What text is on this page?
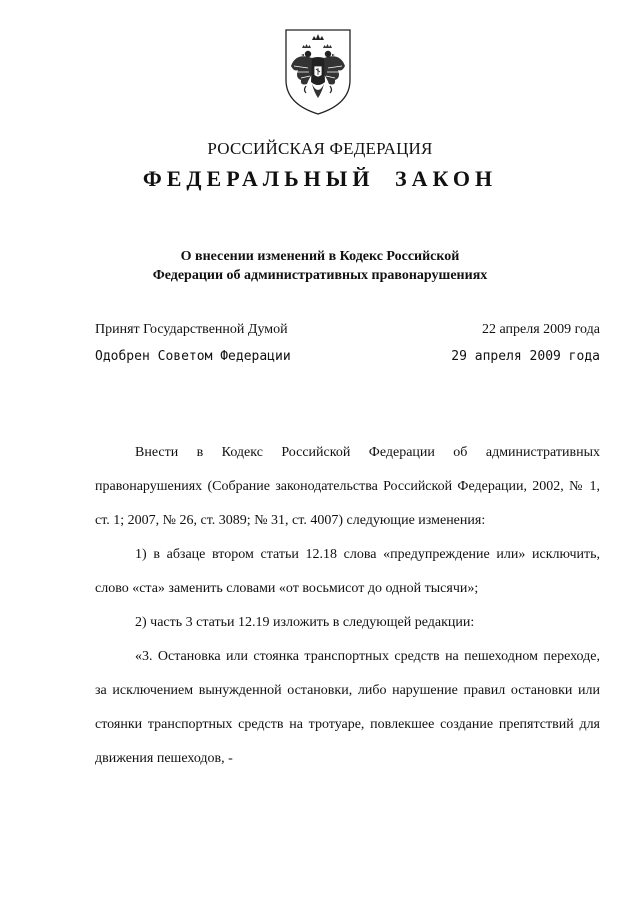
РОССИЙСКАЯ ФЕДЕРАЦИЯ
ФЕДЕРАЛЬНЫЙ ЗАКОН
О внесении изменений в Кодекс Российской
Федерации об административных правонарушениях
Принят Государственной Думой	22 апреля 2009 года
Одобрен Советом Федерации	29 апреля 2009 года

Внести в Кодекс Российской Федерации об административных правонарушениях (Собрание законодательства Российской Федерации, 2002, № 1, ст. 1; 2007, № 26, ст. 3089; № 31, ст. 4007) следующие изменения:

1) в абзаце втором статьи 12.18 слова «предупреждение или» исключить, слово «ста» заменить словами «от восьмисот до одной тысячи»;

2) часть 3 статьи 12.19 изложить в следующей редакции:

«3. Остановка или стоянка транспортных средств на пешеходном переходе, за исключением вынужденной остановки, либо нарушение правил остановки или стоянки транспортных средств на тротуаре, повлекшее создание препятствий для движения пешеходов, -
